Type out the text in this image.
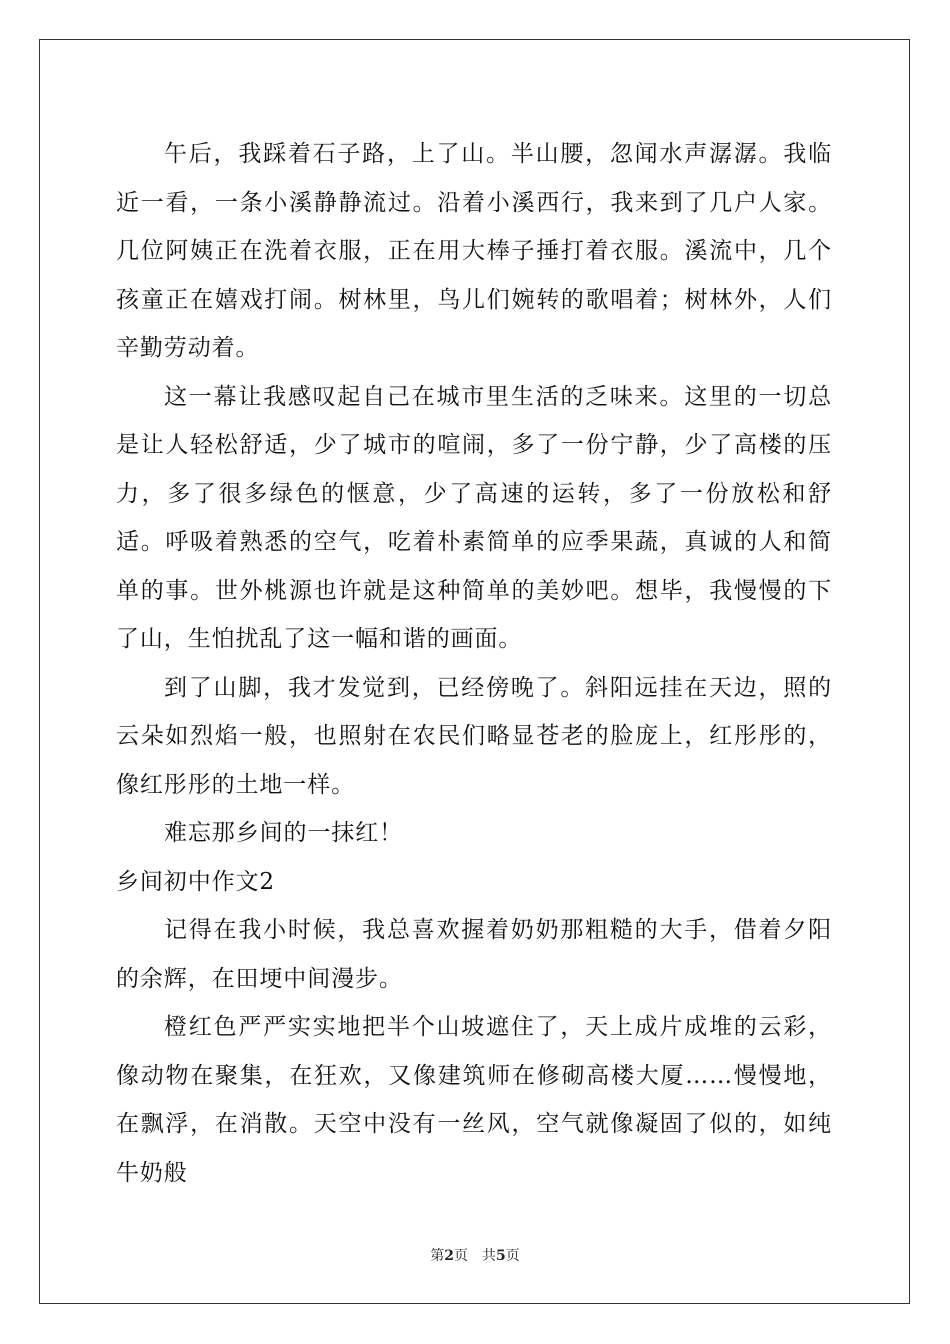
午后，我踩着石子路，上了山。半山腰，忽闻水声潺潺。我临近一看，一条小溪静静流过。沿着小溪西行，我来到了几户人家。几位阿姨正在洗着衣服，正在用大棒子捶打着衣服。溪流中，几个孩童正在嬉戏打闹。树林里，鸟儿们婉转的歌唱着；树林外，人们辛勤劳动着。

这一幕让我感叹起自己在城市里生活的乏味来。这里的一切总是让人轻松舒适，少了城市的喧闹，多了一份宁静，少了高楼的压力，多了很多绿色的惬意，少了高速的运转，多了一份放松和舒适。呼吸着熟悉的空气，吃着朴素简单的应季果蔬，真诚的人和简单的事。世外桃源也许就是这种简单的美妙吧。想毕，我慢慢的下了山，生怕扰乱了这一幅和谐的画面。

到了山脚，我才发觉到，已经傍晚了。斜阳远挂在天边，照的云朵如烈焰一般，也照射在农民们略显苍老的脸庞上，红彤彤的，像红彤彤的土地一样。

难忘那乡间的一抹红！

乡间初中作文2

记得在我小时候，我总喜欢握着奶奶那粗糙的大手，借着夕阳的余辉，在田埂中间漫步。

橙红色严严实实地把半个山坡遮住了，天上成片成堆的云彩，像动物在聚集，在狂欢，又像建筑师在修砌高楼大厦……慢慢地，在飘浮，在消散。天空中没有一丝风，空气就像凝固了似的，如纯牛奶般

第2页 共5页
